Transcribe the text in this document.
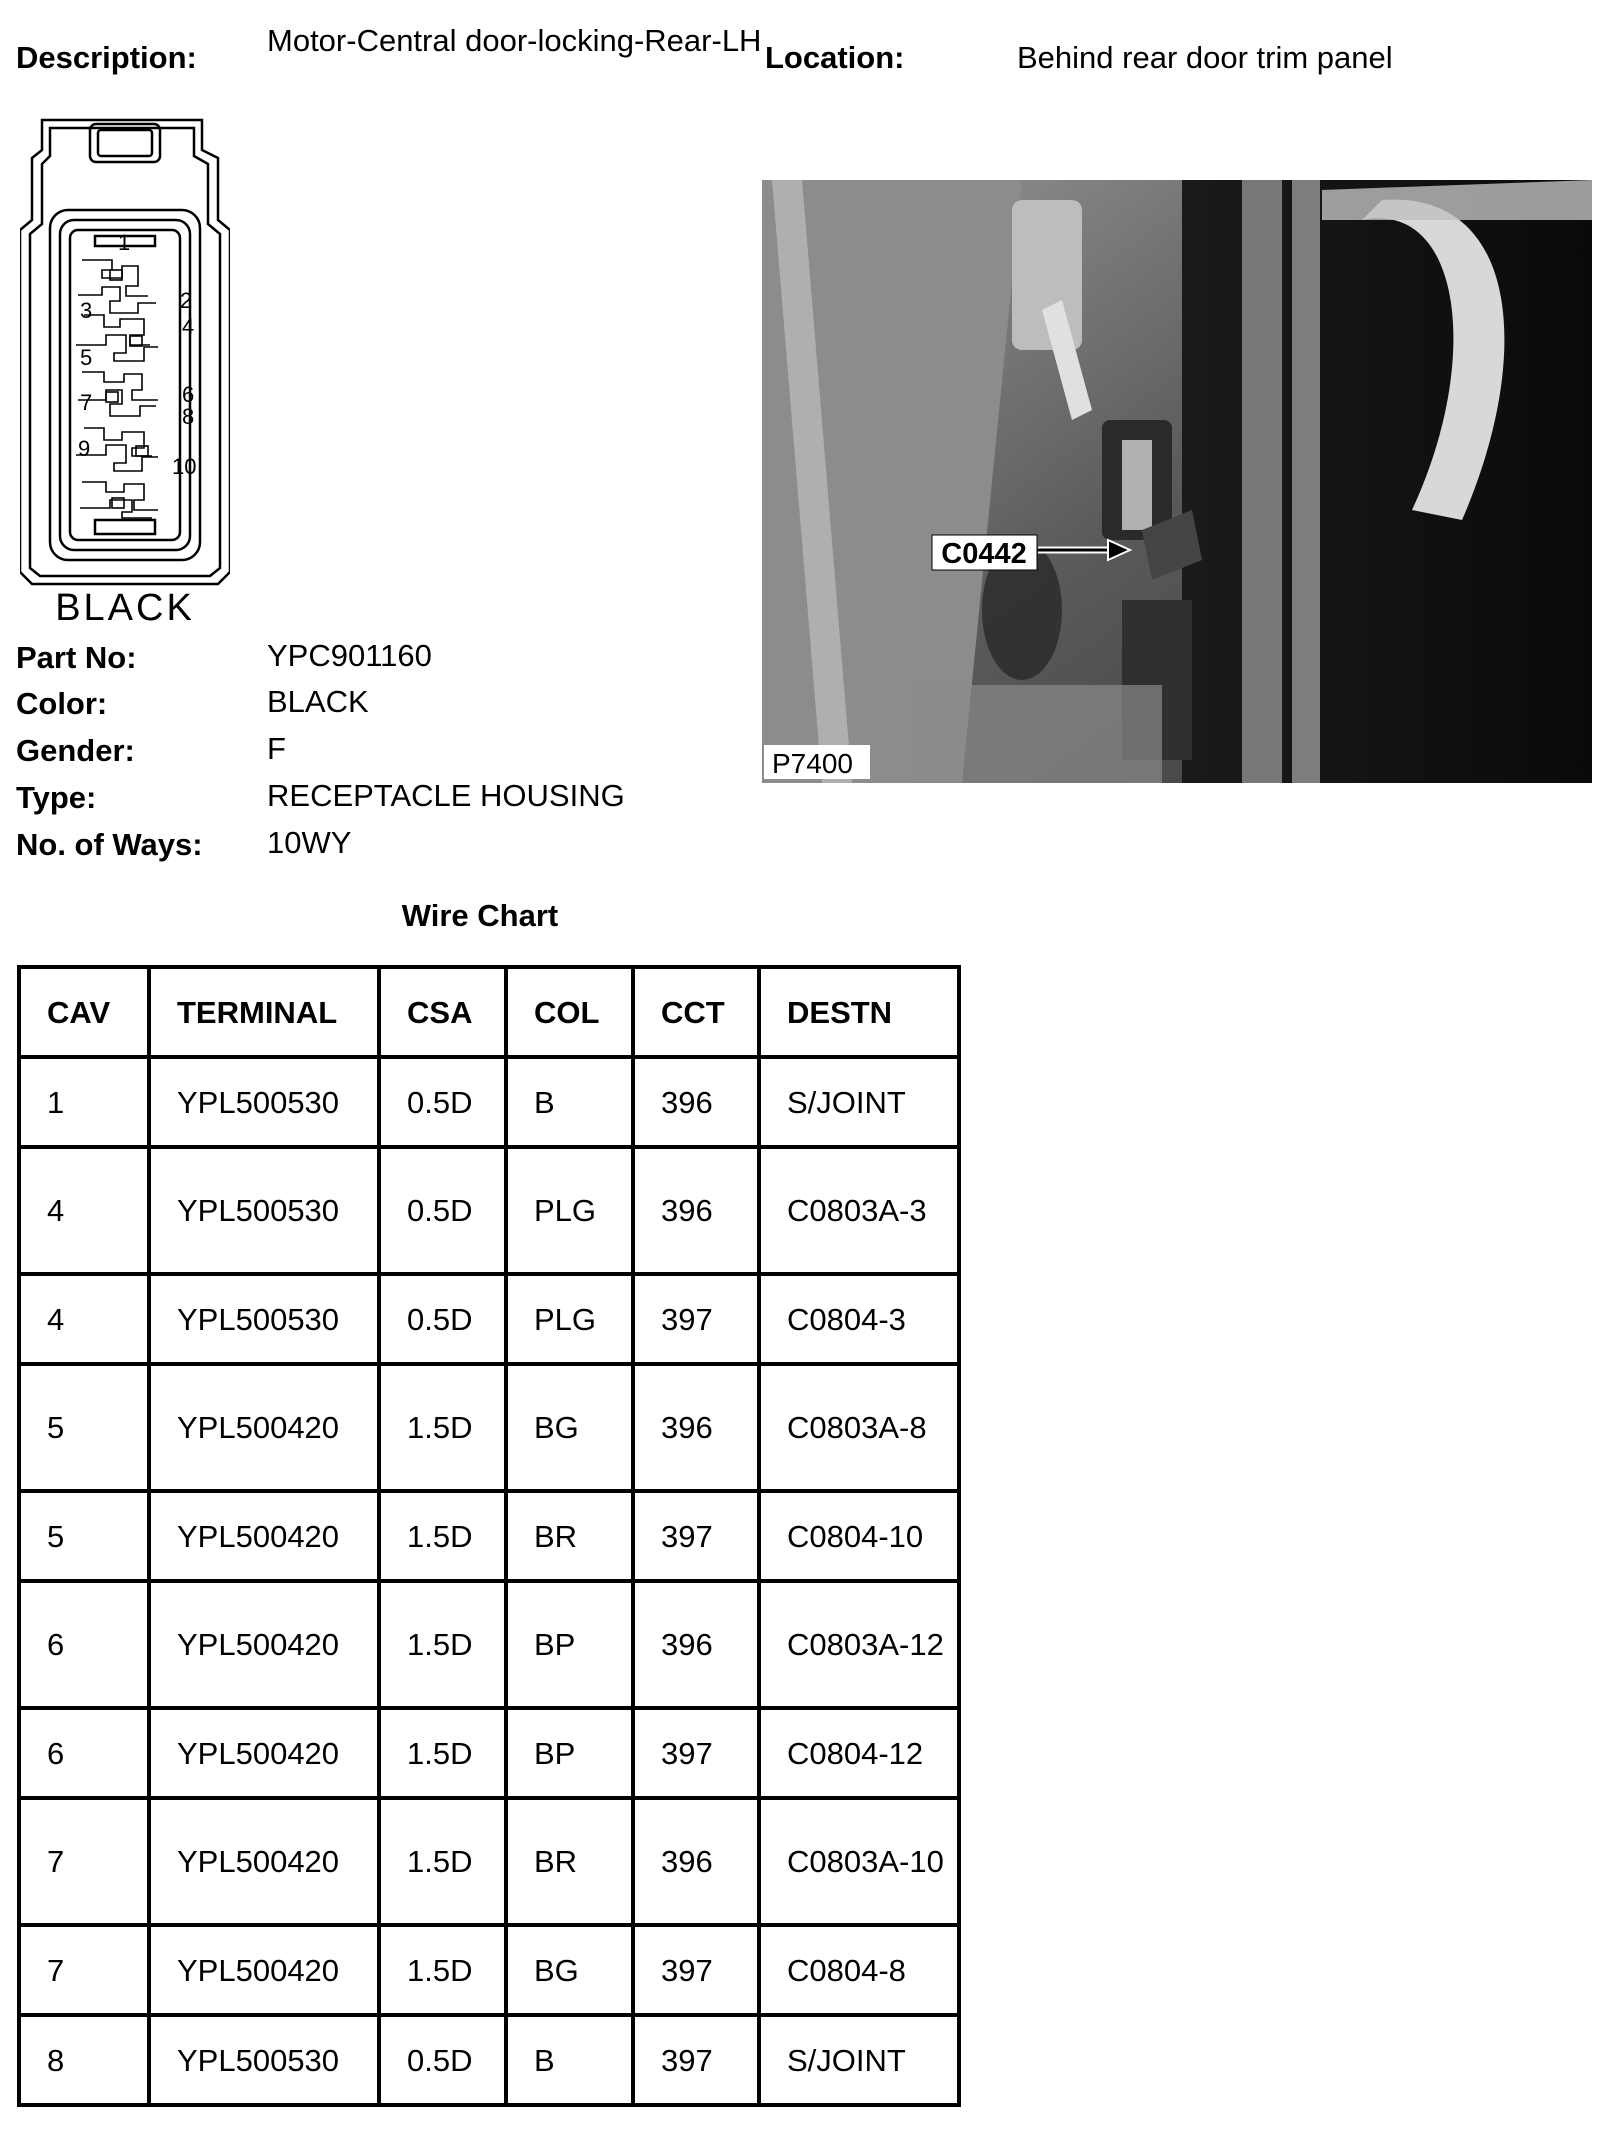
Description: Motor-Central door-locking-Rear-LH Location:	Behind rear door trim panel
1
2
3
4
5
6
7
8
9
10
BLACK
C0442
P7400
Part No:	YPC901160
Color:	BLACK
Gender:	F
Type:	RECEPTACLE HOUSING
No. of Ways: 10WY
Wire Chart
CAV	TERMINAL	CSA	COL	CCT	DESTN
1	YPL500530	0.5D	B	396	S/JOINT
4	YPL500530	0.5D	PLG	396	C0803A-3
4	YPL500530	0.5D	PLG	397	C0804-3
5	YPL500420	1.5D	BG	396	C0803A-8
5	YPL500420	1.5D	BR	397	C0804-10
6	YPL500420	1.5D	BP	396	C0803A-12
6	YPL500420	1.5D	BP	397	C0804-12
7	YPL500420	1.5D	BR	396	C0803A-10
7	YPL500420	1.5D	BG	397	C0804-8
8	YPL500530	0.5D	B	397	S/JOINT
